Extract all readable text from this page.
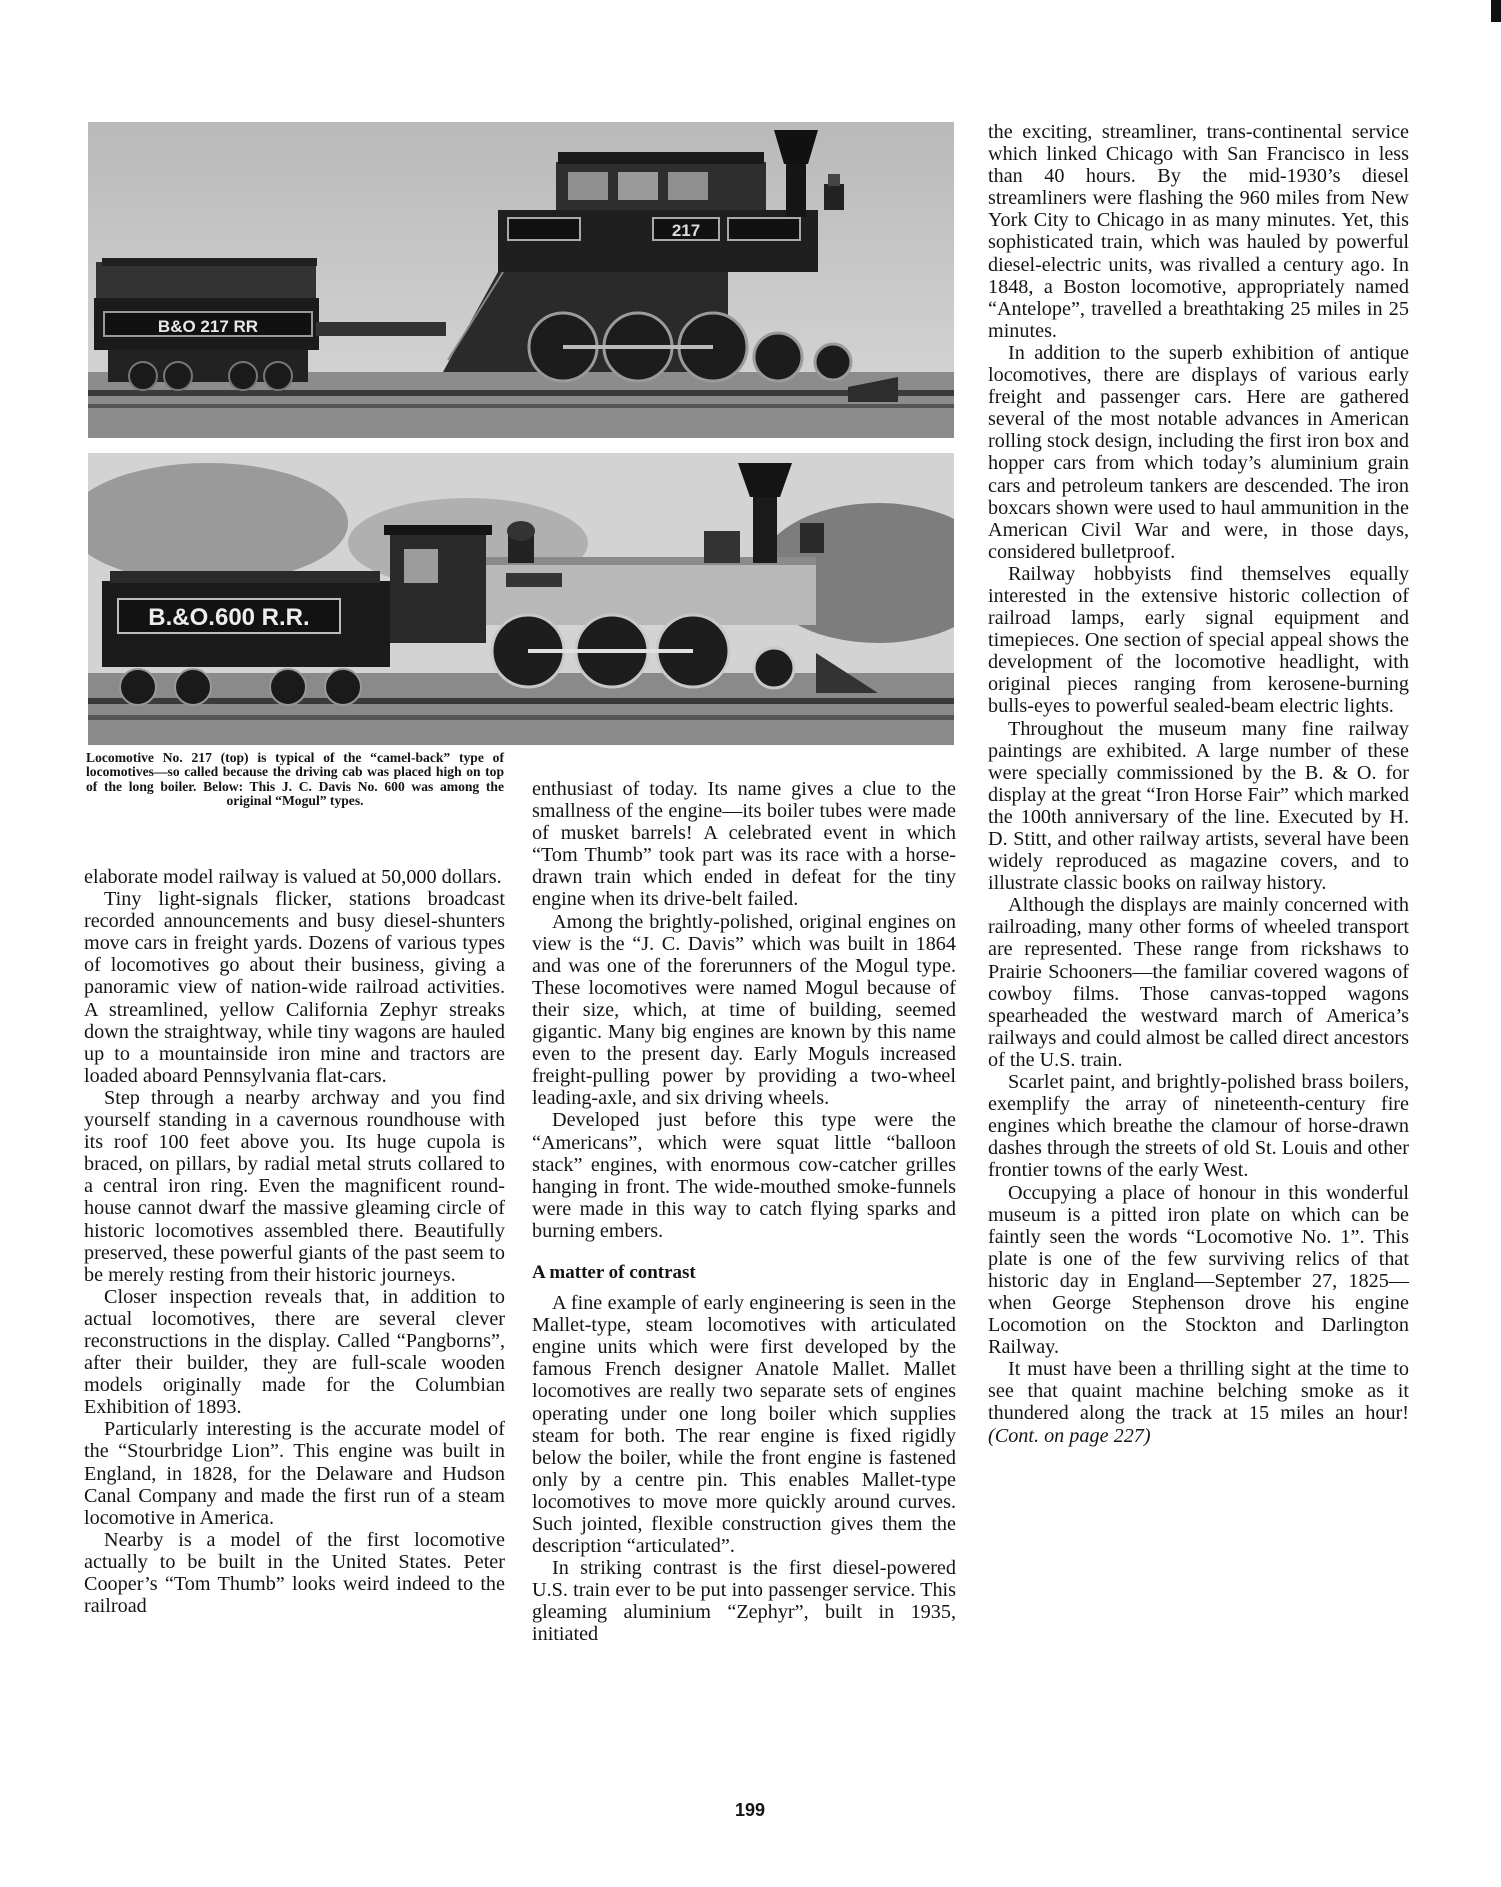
B&O 217 RR
217
B.&O.600 R.R.

Locomotive No. 217 (top) is typical of the “camel-back” type of locomotives—so called because the driving cab was placed high on top of the long boiler. Below: This J. C. Davis No. 600 was among the original “Mogul” types.

elaborate model railway is valued at 50,000 dollars.

Tiny light-signals flicker, stations broadcast recorded announcements and busy diesel-shunters move cars in freight yards. Dozens of various types of locomotives go about their business, giving a panoramic view of nation-wide railroad activities. A streamlined, yellow California Zephyr streaks down the straightway, while tiny wagons are hauled up to a mountainside iron mine and tractors are loaded aboard Pennsylvania flat-cars.

Step through a nearby archway and you find yourself standing in a cavernous roundhouse with its roof 100 feet above you. Its huge cupola is braced, on pillars, by radial metal struts collared to a central iron ring. Even the magnificent roundhouse cannot dwarf the massive gleaming circle of historic locomotives assembled there. Beautifully preserved, these powerful giants of the past seem to be merely resting from their historic journeys.

Closer inspection reveals that, in addition to actual locomotives, there are several clever reconstructions in the display. Called “Pangborns”, after their builder, they are full-scale wooden models originally made for the Columbian Exhibition of 1893.

Particularly interesting is the accurate model of the “Stourbridge Lion”. This engine was built in England, in 1828, for the Delaware and Hudson Canal Company and made the first run of a steam locomotive in America.

Nearby is a model of the first locomotive actually to be built in the United States. Peter Cooper’s “Tom Thumb” looks weird indeed to the railroad

enthusiast of today. Its name gives a clue to the smallness of the engine—its boiler tubes were made of musket barrels! A celebrated event in which “Tom Thumb” took part was its race with a horse-drawn train which ended in defeat for the tiny engine when its drive-belt failed.

Among the brightly-polished, original engines on view is the “J. C. Davis” which was built in 1864 and was one of the forerunners of the Mogul type. These locomotives were named Mogul because of their size, which, at time of building, seemed gigantic. Many big engines are known by this name even to the present day. Early Moguls increased freight-pulling power by providing a two-wheel leading-axle, and six driving wheels.

Developed just before this type were the “Americans”, which were squat little “balloon stack” engines, with enormous cow-catcher grilles hanging in front. The wide-mouthed smoke-funnels were made in this way to catch flying sparks and burning embers.

A matter of contrast

A fine example of early engineering is seen in the Mallet-type, steam locomotives with articulated engine units which were first developed by the famous French designer Anatole Mallet. Mallet locomotives are really two separate sets of engines operating under one long boiler which supplies steam for both. The rear engine is fixed rigidly below the boiler, while the front engine is fastened only by a centre pin. This enables Mallet-type locomotives to move more quickly around curves. Such jointed, flexible construction gives them the description “articulated”.

In striking contrast is the first diesel-powered U.S. train ever to be put into passenger service. This gleaming aluminium “Zephyr”, built in 1935, initiated

the exciting, streamliner, trans-continental service which linked Chicago with San Francisco in less than 40 hours. By the mid-1930’s diesel streamliners were flashing the 960 miles from New York City to Chicago in as many minutes. Yet, this sophisticated train, which was hauled by powerful diesel-electric units, was rivalled a century ago. In 1848, a Boston locomotive, appropriately named “Antelope”, travelled a breathtaking 25 miles in 25 minutes.

In addition to the superb exhibition of antique locomotives, there are displays of various early freight and passenger cars. Here are gathered several of the most notable advances in American rolling stock design, including the first iron box and hopper cars from which today’s aluminium grain cars and petroleum tankers are descended. The iron boxcars shown were used to haul ammunition in the American Civil War and were, in those days, considered bulletproof.

Railway hobbyists find themselves equally interested in the extensive historic collection of railroad lamps, early signal equipment and timepieces. One section of special appeal shows the development of the locomotive headlight, with original pieces ranging from kerosene-burning bulls-eyes to powerful sealed-beam electric lights.

Throughout the museum many fine railway paintings are exhibited. A large number of these were specially commissioned by the B. & O. for display at the great “Iron Horse Fair” which marked the 100th anniversary of the line. Executed by H. D. Stitt, and other railway artists, several have been widely reproduced as magazine covers, and to illustrate classic books on railway history.

Although the displays are mainly concerned with railroading, many other forms of wheeled transport are represented. These range from rickshaws to Prairie Schooners—the familiar covered wagons of cowboy films. Those canvas-topped wagons spearheaded the westward march of America’s railways and could almost be called direct ancestors of the U.S. train.

Scarlet paint, and brightly-polished brass boilers, exemplify the array of nineteenth-century fire engines which breathe the clamour of horse-drawn dashes through the streets of old St. Louis and other frontier towns of the early West.

Occupying a place of honour in this wonderful museum is a pitted iron plate on which can be faintly seen the words “Locomotive No. 1”. This plate is one of the few surviving relics of that historic day in England—September 27, 1825—when George Stephenson drove his engine Locomotion on the Stockton and Darlington Railway.

It must have been a thrilling sight at the time to see that quaint machine belching smoke as it thundered along the track at 15 miles an hour! (Cont. on page 227)

199
